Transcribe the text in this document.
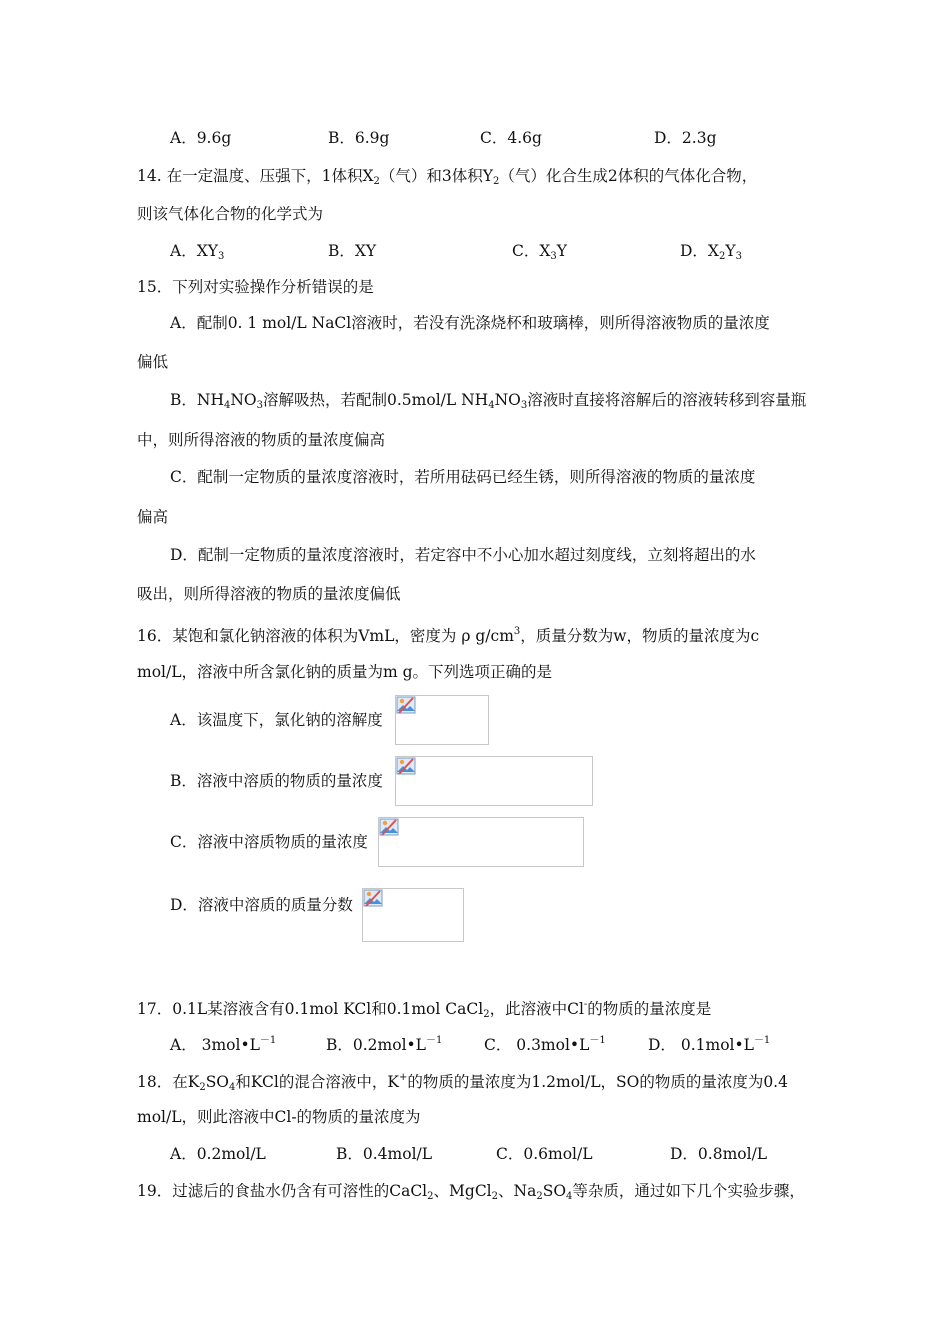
A．9.6g	B．6.9g	C．4.6g	D．2.3g
14. 在一定温度、压强下，1体积$X_2$（气）和3体积$Y_2$（气）化合生成2体积的气体化合物，
则该气体化合物的化学式为
A．$XY_3$	B．XY	C．$X_3Y$	D．$X_2Y_3$
15．下列对实验操作分析错误的是
A．配制0. 1 mol/L NaCl溶液时，若没有洗涤烧杯和玻璃棒，则所得溶液物质的量浓度
偏低
B．$NH_4NO_3$溶解吸热，若配制0.5mol/L $NH_4NO_3$溶液时直接将溶解后的溶液转移到容量瓶
中，则所得溶液的物质的量浓度偏高
C．配制一定物质的量浓度溶液时，若所用砝码已经生锈，则所得溶液的物质的量浓度
偏高
D．配制一定物质的量浓度溶液时，若定容中不小心加水超过刻度线，立刻将超出的水
吸出，则所得溶液的物质的量浓度偏低
16．某饱和氯化钠溶液的体积为VmL，密度为 ρ $g/cm^3$，质量分数为w，物质的量浓度为c
mol/L，溶液中所含氯化钠的质量为m g。下列选项正确的是
A．该温度下，氯化钠的溶解度
B．溶液中溶质的物质的量浓度
C．溶液中溶质物质的量浓度
D．溶液中溶质的质量分数
17．0.1L某溶液含有0.1mol KCl和0.1mol CaCl$_2$，此溶液中Cl-的物质的量浓度是
A． $3mol•L^{-1}$	B．$0.2mol•L^{-1}$	C． $0.3mol•L^{-1}$	D． $0.1mol•L^{-1}$
18．在$K_2SO_4$和KCl的混合溶液中，K+的物质的量浓度为1.2mol/L，SO的物质的量浓度为0.4
mol/L，则此溶液中Cl-的物质的量浓度为
A．0.2mol/L	B．0.4mol/L	C．0.6mol/L	D．0.8mol/L
19．过滤后的食盐水仍含有可溶性的CaCl$_2$、MgCl$_2$、$Na_2SO_4$等杂质，通过如下几个实验步骤，
